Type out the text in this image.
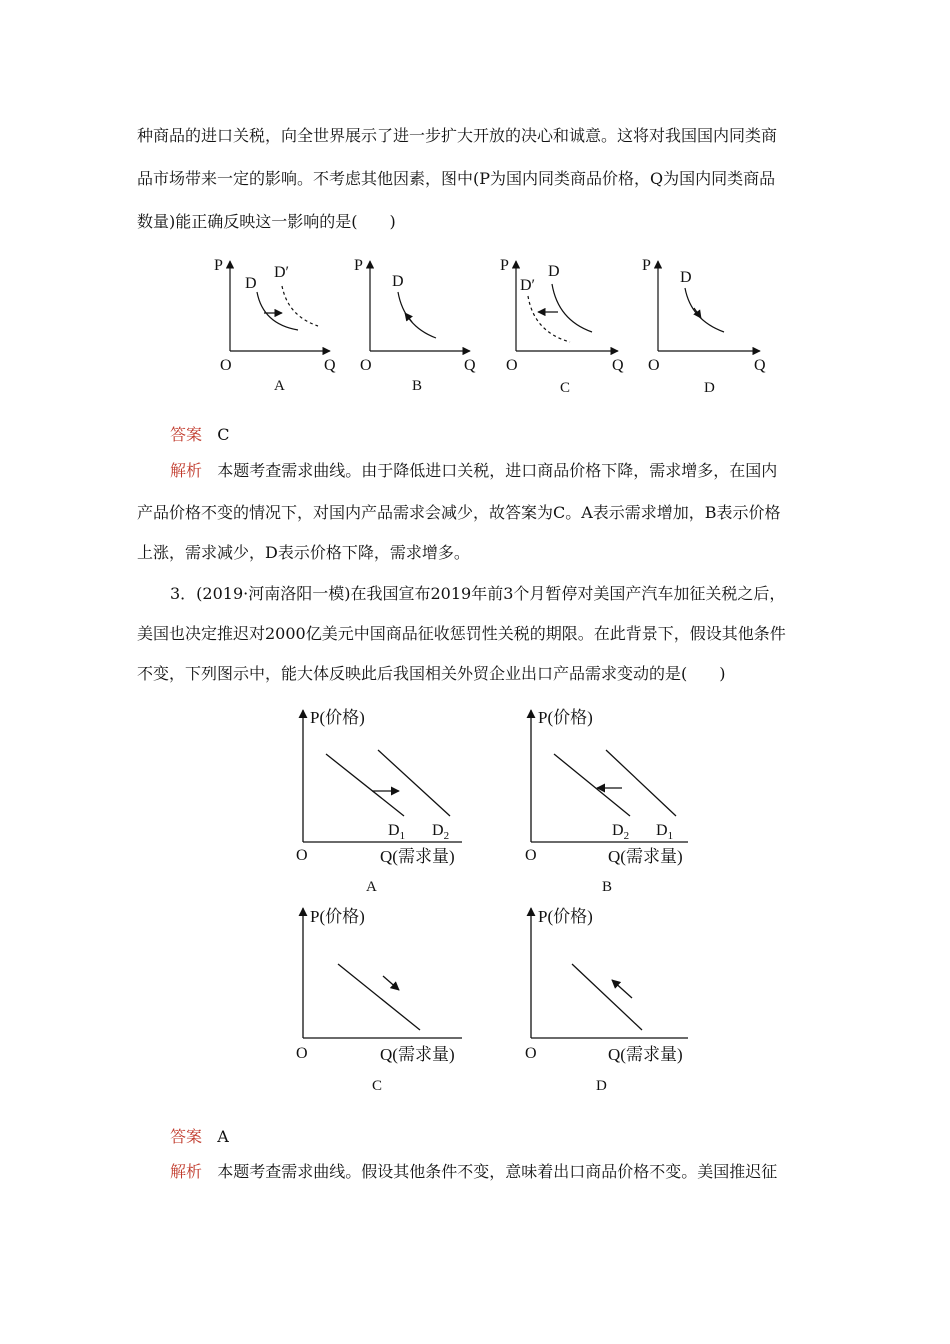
种商品的进口关税，向全世界展示了进一步扩大开放的决心和诚意。这将对我国国内同类商
品市场带来一定的影响。不考虑其他因素，图中(P为国内同类商品价格，Q为国内同类商品
数量)能正确反映这一影响的是(　　)
P
O	Q
D
D′
A
P
O	Q
D
B
P
O	Q
D
D′
C
P
O	Q
D
D
答案 C
解析 本题考查需求曲线。由于降低进口关税，进口商品价格下降，需求增多，在国内
产品价格不变的情况下，对国内产品需求会减少，故答案为C。A表示需求增加，B表示价格
上涨，需求减少，D表示价格下降，需求增多。
3．(2019·河南洛阳一模)在我国宣布2019年前3个月暂停对美国产汽车加征关税之后，
美国也决定推迟对2000亿美元中国商品征收惩罚性关税的期限。在此背景下，假设其他条件
不变，下列图示中，能大体反映此后我国相关外贸企业出口产品需求变动的是(　　)
P(价格)
O	Q(需求量)
$D_1$ $D_2$
A
P(价格)
O	Q(需求量)
$D_2$ $D_1$
B
P(价格)
O	Q(需求量)
C
P(价格)
O	Q(需求量)
D
答案 A
解析 本题考查需求曲线。假设其他条件不变，意味着出口商品价格不变。美国推迟征
